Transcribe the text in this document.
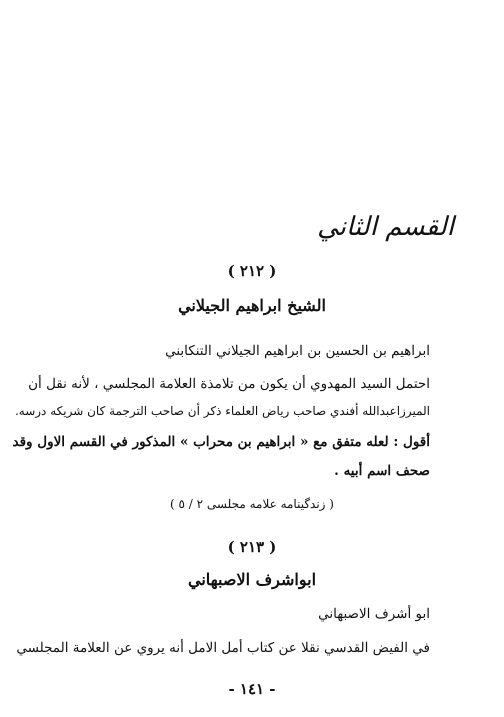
القسم الثاني
( ٢١٢ )
الشيخ ابراهيم الجيلاني
ابراهيم بن الحسين بن ابراهيم الجيلاني التنكابني
احتمل السيد المهدوي أن يكون من تلامذة العلامة المجلسي ، لأنه نقل أن
الميرزاعبدالله أفندي صاحب رياض العلماء ذكر أن صاحب الترجمة كان شريكه درسه.
أقول : لعله متفق مع « ابراهيم بن محراب » المذكور في القسم الاول وقد
صحف اسم أبيه .
( زندگينامه علامه مجلسی ٢ / ٥ )
( ٢١٣ )
ابواشرف الاصبهاني
ابو أشرف الاصبهاني
في الفيض القدسي نقلا عن كتاب أمل الامل أنه يروي عن العلامة المجلسي
- ١٤١ -
